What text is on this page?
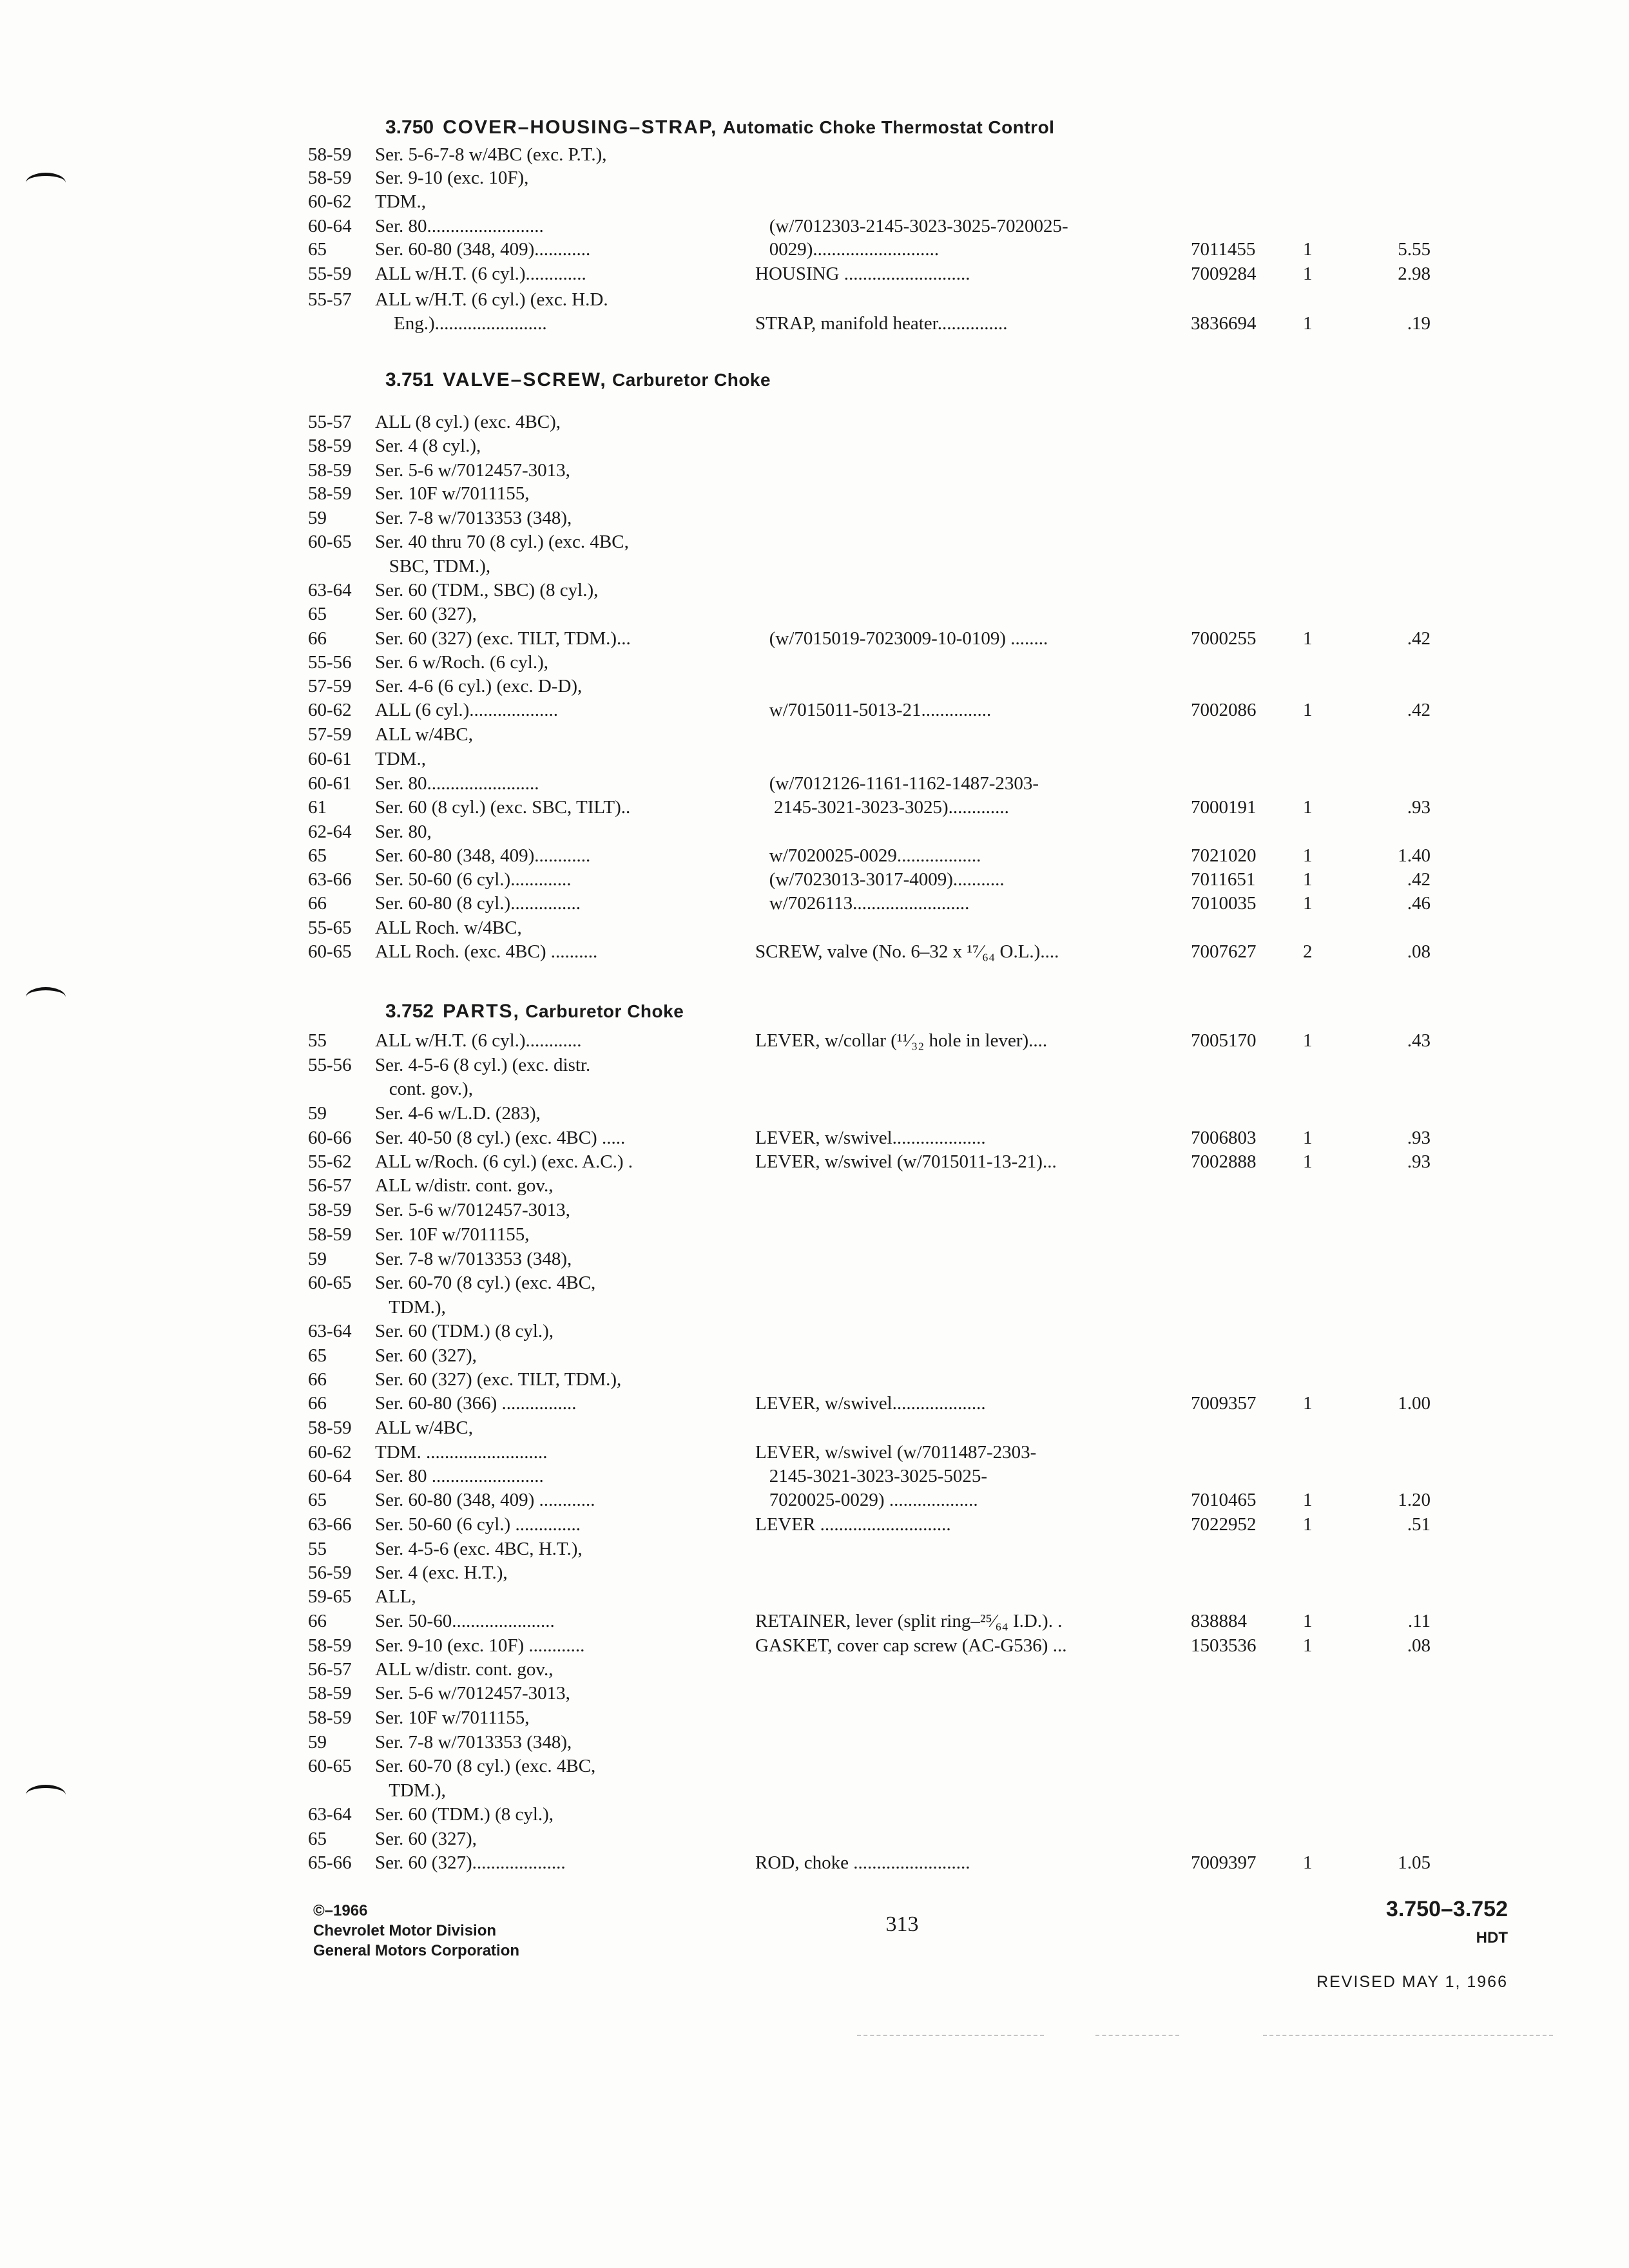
3.750 COVER–HOUSING–STRAP, Automatic Choke Thermostat Control
3.751 VALVE–SCREW, Carburetor Choke
3.752 PARTS, Carburetor Choke
58-59 Ser. 5-6-7-8 w/4BC (exc. P.T.),
58-59 Ser. 9-10 (exc. 10F),
60-62 TDM.,
60-64 Ser. 80.........................	(w/7012303-2145-3023-3025-7020025-
65	Ser. 60-80 (348, 409)............	0029)...........................	7011455	1	5.55
55-59 ALL w/H.T. (6 cyl.).............	HOUSING ...........................	7009284	1	2.98
55-57 ALL w/H.T. (6 cyl.) (exc. H.D.
Eng.)........................	STRAP, manifold heater...............	3836694	1	.19
55-57 ALL (8 cyl.) (exc. 4BC),
58-59 Ser. 4 (8 cyl.),
58-59 Ser. 5-6 w/7012457-3013,
58-59 Ser. 10F w/7011155,
59	Ser. 7-8 w/7013353 (348),
60-65 Ser. 40 thru 70 (8 cyl.) (exc. 4BC,
SBC, TDM.),
63-64 Ser. 60 (TDM., SBC) (8 cyl.),
65	Ser. 60 (327),
66	Ser. 60 (327) (exc. TILT, TDM.)...	(w/7015019-7023009-10-0109) ........	7000255	1	.42
55-56 Ser. 6 w/Roch. (6 cyl.),
57-59 Ser. 4-6 (6 cyl.) (exc. D-D),
60-62 ALL (6 cyl.)...................	w/7015011-5013-21...............	7002086	1	.42
57-59 ALL w/4BC,
60-61 TDM.,
60-61 Ser. 80........................	(w/7012126-1161-1162-1487-2303-
61	Ser. 60 (8 cyl.) (exc. SBC, TILT)..	2145-3021-3023-3025).............	7000191	1	.93
62-64 Ser. 80,
65	Ser. 60-80 (348, 409)............	w/7020025-0029..................	7021020	1	1.40
63-66 Ser. 50-60 (6 cyl.).............	(w/7023013-3017-4009)...........	7011651	1	.42
66	Ser. 60-80 (8 cyl.)...............	w/7026113.........................	7010035	1	.46
55-65 ALL Roch. w/4BC,
60-65 ALL Roch. (exc. 4BC) ..........	SCREW, valve (No. 6–32 x ¹⁷⁄₆₄ O.L.)....	7007627	2	.08
55	ALL w/H.T. (6 cyl.)............	LEVER, w/collar (¹¹⁄₃₂ hole in lever)....	7005170	1	.43
55-56 Ser. 4-5-6 (8 cyl.) (exc. distr.
cont. gov.),
59	Ser. 4-6 w/L.D. (283),
60-66 Ser. 40-50 (8 cyl.) (exc. 4BC) .....	LEVER, w/swivel....................	7006803	1	.93
55-62 ALL w/Roch. (6 cyl.) (exc. A.C.) .	LEVER, w/swivel (w/7015011-13-21)...	7002888	1	.93
56-57 ALL w/distr. cont. gov.,
58-59 Ser. 5-6 w/7012457-3013,
58-59 Ser. 10F w/7011155,
59	Ser. 7-8 w/7013353 (348),
60-65 Ser. 60-70 (8 cyl.) (exc. 4BC,
TDM.),
63-64 Ser. 60 (TDM.) (8 cyl.),
65	Ser. 60 (327),
66	Ser. 60 (327) (exc. TILT, TDM.),
66	Ser. 60-80 (366) ................	LEVER, w/swivel....................	7009357	1	1.00
58-59 ALL w/4BC,
60-62 TDM. ..........................	LEVER, w/swivel (w/7011487-2303-
60-64 Ser. 80 ........................	2145-3021-3023-3025-5025-
65	Ser. 60-80 (348, 409) ............	7020025-0029) ...................	7010465	1	1.20
63-66 Ser. 50-60 (6 cyl.) ..............	LEVER ............................	7022952	1	.51
55	Ser. 4-5-6 (exc. 4BC, H.T.),
56-59 Ser. 4 (exc. H.T.),
59-65 ALL,
66	Ser. 50-60......................	RETAINER, lever (split ring–²⁵⁄₆₄ I.D.). .	838884	1	.11
58-59 Ser. 9-10 (exc. 10F) ............	GASKET, cover cap screw (AC-G536) ...	1503536	1	.08
56-57 ALL w/distr. cont. gov.,
58-59 Ser. 5-6 w/7012457-3013,
58-59 Ser. 10F w/7011155,
59	Ser. 7-8 w/7013353 (348),
60-65 Ser. 60-70 (8 cyl.) (exc. 4BC,
TDM.),
63-64 Ser. 60 (TDM.) (8 cyl.),
65	Ser. 60 (327),
65-66 Ser. 60 (327)....................	ROD, choke .........................	7009397	1	1.05
©–1966
Chevrolet Motor Division
General Motors Corporation
313
3.750–3.752
HDT
REVISED MAY 1, 1966
